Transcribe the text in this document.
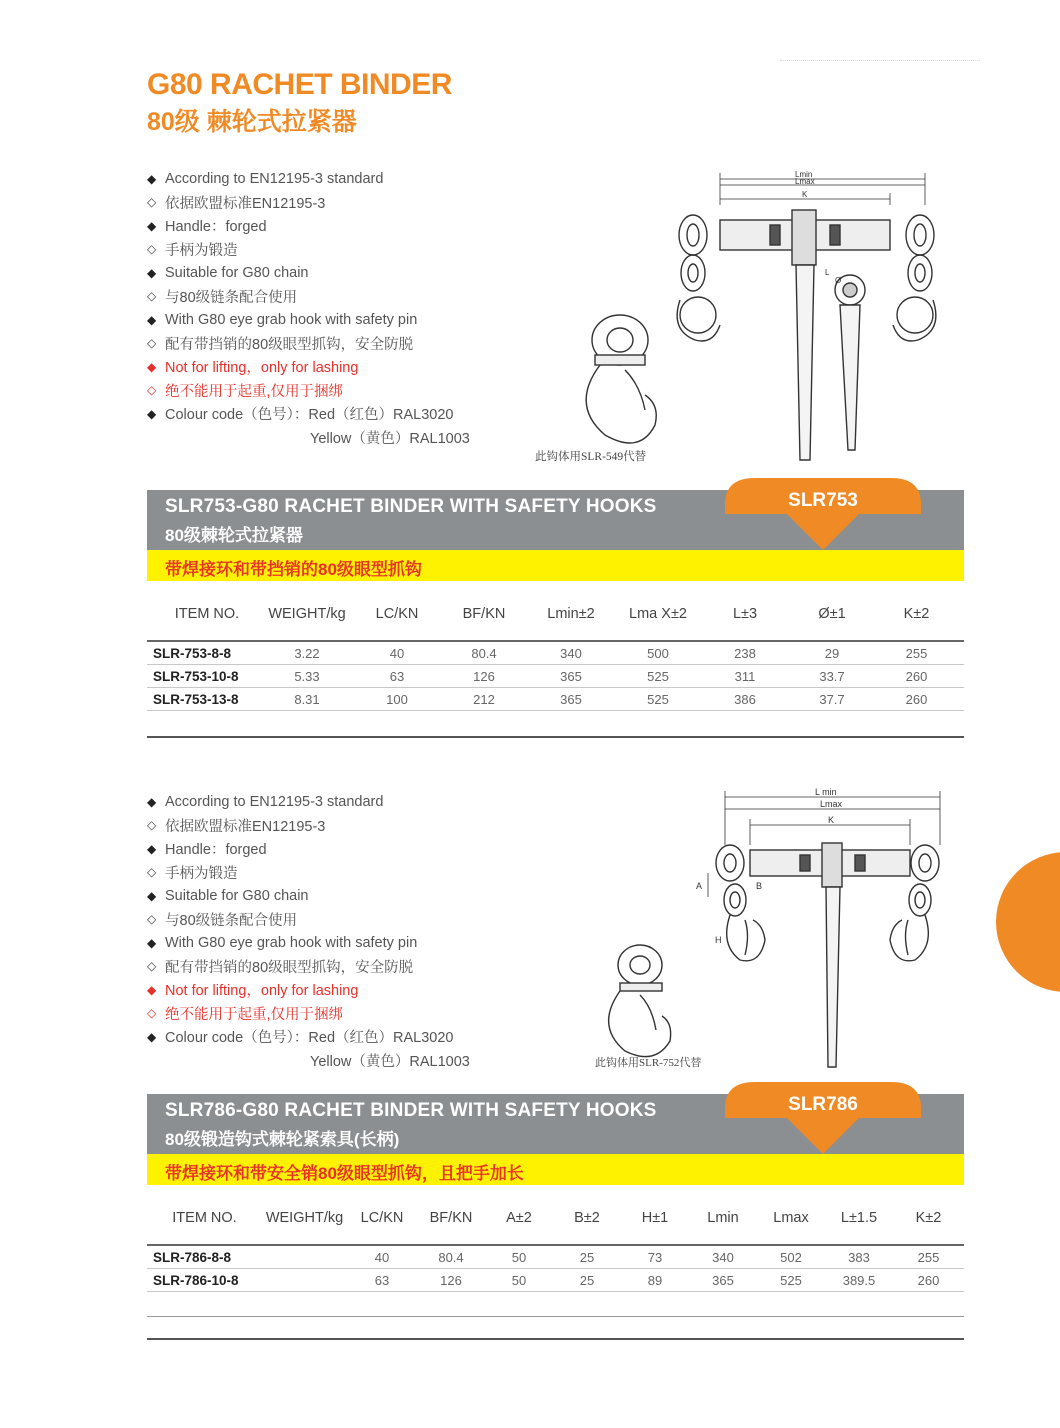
G80 RACHET BINDER
80级 棘轮式拉紧器
◆ According to EN12195-3 standard
◇ 依据欧盟标准EN12195-3
◆ Handle：forged
◇ 手柄为锻造
◆ Suitable for G80 chain
◇ 与80级链条配合使用
◆ With G80 eye grab hook with safety pin
◇ 配有带挡销的80级眼型抓钩，安全防脱
◆ Not for lifting，only for lashing
◇ 绝不能用于起重,仅用于捆绑
◆ Colour code（色号）：Red（红色）RAL3020
Yellow（黄色）RAL1003
Lmin
Lmax
K
Ø
L
此钩体用SLR-549代替
SLR753-G80 RACHET BINDER WITH SAFETY HOOKS
80级棘轮式拉紧器
带焊接环和带挡销的80级眼型抓钩
SLR753
ITEM NO.	WEIGHT/kg	LC/KN	BF/KN	Lmin±2	Lma X±2	L±3	Ø±1	K±2
SLR-753-8-8	3.22	40	80.4	340	500	238	29	255
SLR-753-10-8	5.33	63	126	365	525	311	33.7	260
SLR-753-13-8	8.31	100	212	365	525	386	37.7	260
◆ According to EN12195-3 standard
◇ 依据欧盟标准EN12195-3
◆ Handle：forged
◇ 手柄为锻造
◆ Suitable for G80 chain
◇ 与80级链条配合使用
◆ With G80 eye grab hook with safety pin
◇ 配有带挡销的80级眼型抓钩，安全防脱
◆ Not for lifting，only for lashing
◇ 绝不能用于起重,仅用于捆绑
◆ Colour code（色号）：Red（红色）RAL3020
Yellow（黄色）RAL1003
L min
Lmax
K
A	B
H
此钩体用SLR-752代替
SLR786-G80 RACHET BINDER WITH SAFETY HOOKS
80级锻造钩式棘轮紧索具(长柄)
带焊接环和带安全销80级眼型抓钩，且把手加长
SLR786
ITEM NO.	WEIGHT/kg	LC/KN	BF/KN	A±2	B±2	H±1	Lmin	Lmax	L±1.5	K±2
SLR-786-8-8		40	80.4	50	25	73	340	502	383	255
SLR-786-10-8		63	126	50	25	89	365	525	389.5	260
